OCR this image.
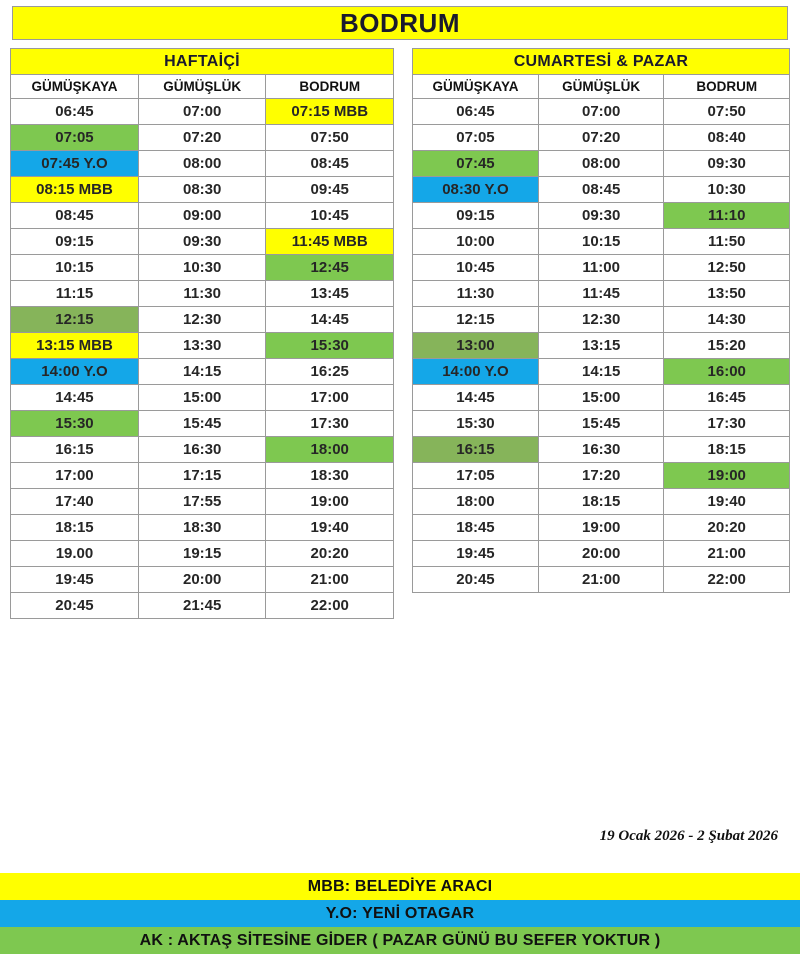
BODRUM
HAFTAİÇİ		
GÜMÜŞKAYA	GÜMÜŞLÜK	BODRUM
06:45	07:00	07:15 MBB
07:05	07:20	07:50
07:45 Y.O	08:00	08:45
08:15 MBB	08:30	09:45
08:45	09:00	10:45
09:15	09:30	11:45 MBB
10:15	10:30	12:45
11:15	11:30	13:45
12:15	12:30	14:45
13:15 MBB	13:30	15:30
14:00 Y.O	14:15	16:25
14:45	15:00	17:00
15:30	15:45	17:30
16:15	16:30	18:00
17:00	17:15	18:30
17:40	17:55	19:00
18:15	18:30	19:40
19.00	19:15	20:20
19:45	20:00	21:00
20:45	21:45	22:00
CUMARTESİ & PAZAR		
GÜMÜŞKAYA	GÜMÜŞLÜK	BODRUM
06:45	07:00	07:50
07:05	07:20	08:40
07:45	08:00	09:30
08:30 Y.O	08:45	10:30
09:15	09:30	11:10
10:00	10:15	11:50
10:45	11:00	12:50
11:30	11:45	13:50
12:15	12:30	14:30
13:00	13:15	15:20
14:00 Y.O	14:15	16:00
14:45	15:00	16:45
15:30	15:45	17:30
16:15	16:30	18:15
17:05	17:20	19:00
18:00	18:15	19:40
18:45	19:00	20:20
19:45	20:00	21:00
20:45	21:00	22:00

19 Ocak 2026 - 2 Şubat 2026
MBB: BELEDİYE ARACI
Y.O: YENİ OTAGAR
AK : AKTAŞ SİTESİNE GİDER ( PAZAR GÜNÜ BU SEFER YOKTUR )
